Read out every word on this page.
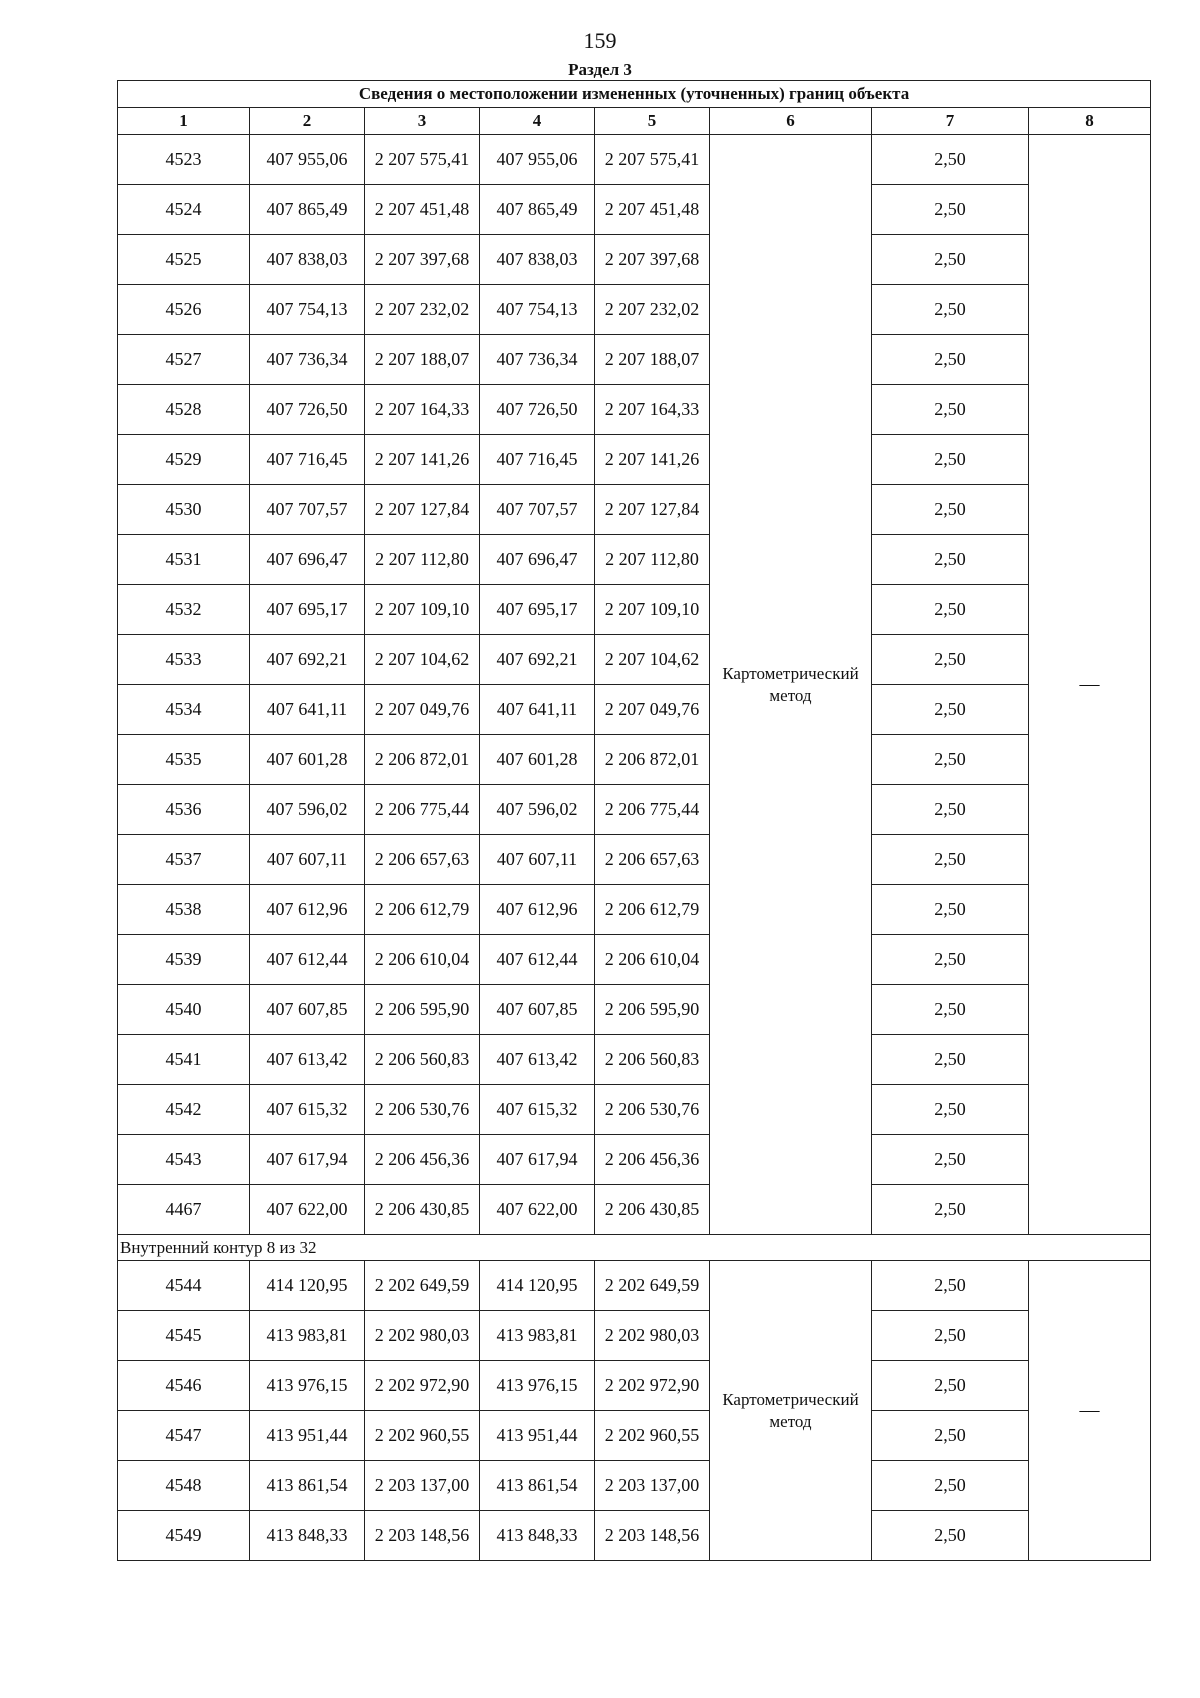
159
Раздел 3
Сведения о местоположении измененных (уточненных) границ объекта							
1	2	3	4	5	6	7	8
4523	407 955,06	2 207 575,41	407 955,06	2 207 575,41	Картометрический метод	2,50	—
4524	407 865,49	2 207 451,48	407 865,49	2 207 451,48		2,50	
4525	407 838,03	2 207 397,68	407 838,03	2 207 397,68		2,50	
4526	407 754,13	2 207 232,02	407 754,13	2 207 232,02		2,50	
4527	407 736,34	2 207 188,07	407 736,34	2 207 188,07		2,50	
4528	407 726,50	2 207 164,33	407 726,50	2 207 164,33		2,50	
4529	407 716,45	2 207 141,26	407 716,45	2 207 141,26		2,50	
4530	407 707,57	2 207 127,84	407 707,57	2 207 127,84		2,50	
4531	407 696,47	2 207 112,80	407 696,47	2 207 112,80		2,50	
4532	407 695,17	2 207 109,10	407 695,17	2 207 109,10		2,50	
4533	407 692,21	2 207 104,62	407 692,21	2 207 104,62		2,50	
4534	407 641,11	2 207 049,76	407 641,11	2 207 049,76		2,50	
4535	407 601,28	2 206 872,01	407 601,28	2 206 872,01		2,50	
4536	407 596,02	2 206 775,44	407 596,02	2 206 775,44		2,50	
4537	407 607,11	2 206 657,63	407 607,11	2 206 657,63		2,50	
4538	407 612,96	2 206 612,79	407 612,96	2 206 612,79		2,50	
4539	407 612,44	2 206 610,04	407 612,44	2 206 610,04		2,50	
4540	407 607,85	2 206 595,90	407 607,85	2 206 595,90		2,50	
4541	407 613,42	2 206 560,83	407 613,42	2 206 560,83		2,50	
4542	407 615,32	2 206 530,76	407 615,32	2 206 530,76		2,50	
4543	407 617,94	2 206 456,36	407 617,94	2 206 456,36		2,50	
4467	407 622,00	2 206 430,85	407 622,00	2 206 430,85		2,50	
Внутренний контур 8 из 32							
4544	414 120,95	2 202 649,59	414 120,95	2 202 649,59	Картометрический метод	2,50	—
4545	413 983,81	2 202 980,03	413 983,81	2 202 980,03		2,50	
4546	413 976,15	2 202 972,90	413 976,15	2 202 972,90		2,50	
4547	413 951,44	2 202 960,55	413 951,44	2 202 960,55		2,50	
4548	413 861,54	2 203 137,00	413 861,54	2 203 137,00		2,50	
4549	413 848,33	2 203 148,56	413 848,33	2 203 148,56		2,50	
